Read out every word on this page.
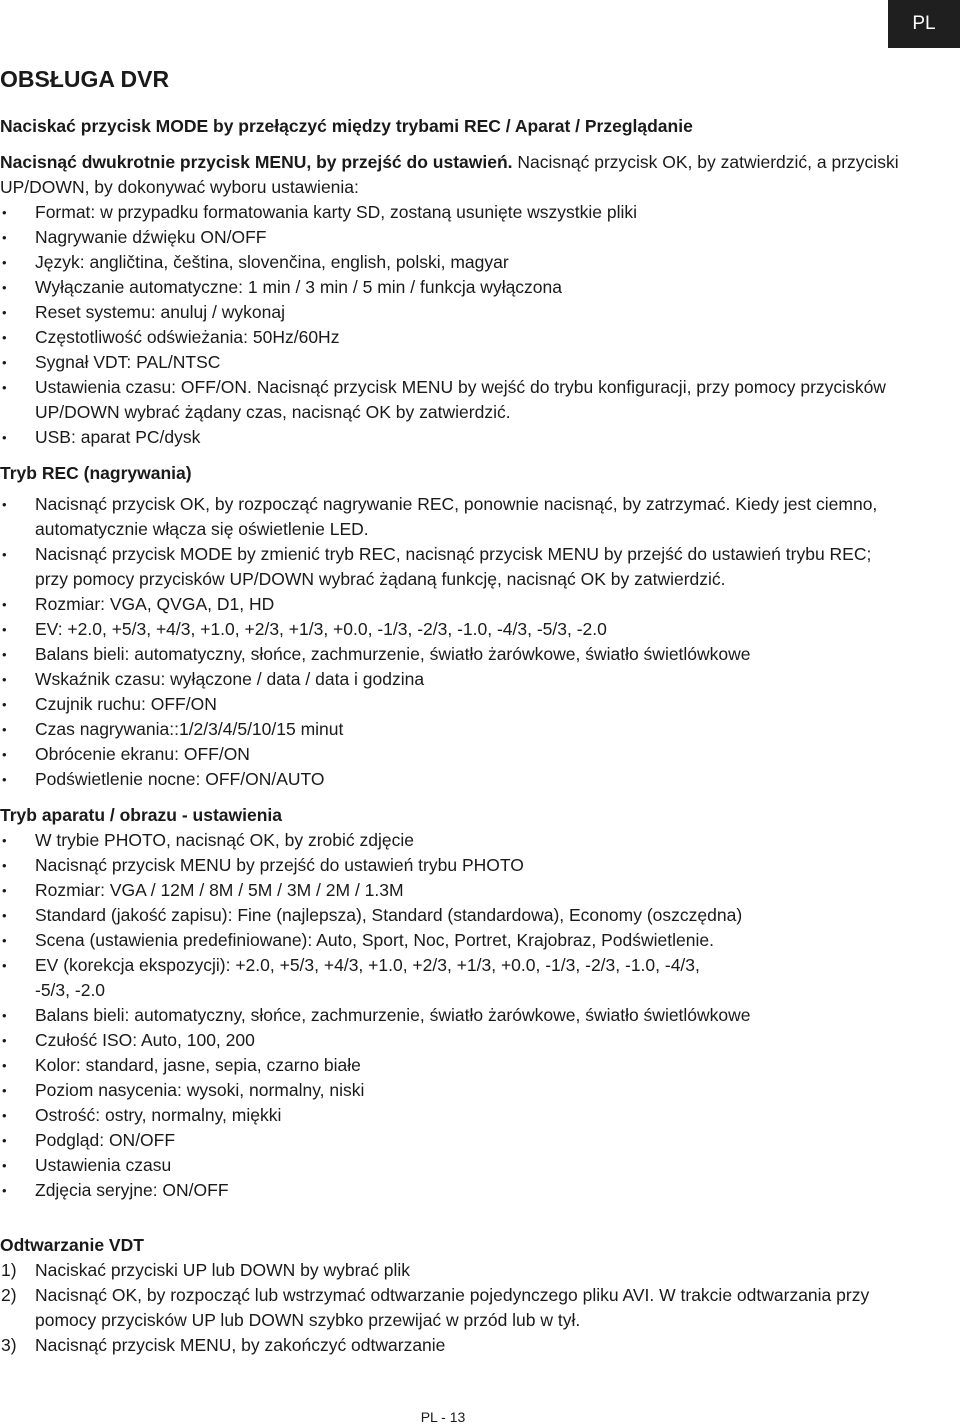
PL
OBSŁUGA DVR

Naciskać przycisk MODE by przełączyć między trybami REC / Aparat / Przeglądanie

Nacisnąć dwukrotnie przycisk MENU, by przejść do ustawień. Nacisnąć przycisk OK, by zatwierdzić, a przyciski UP/DOWN, by dokonywać wyboru ustawienia:

• Format: w przypadku formatowania karty SD, zostaną usunięte wszystkie pliki
• Nagrywanie dźwięku ON/OFF
• Język: angličtina, čeština, slovenčina, english, polski, magyar
• Wyłączanie automatyczne: 1 min / 3 min / 5 min / funkcja wyłączona
• Reset systemu: anuluj / wykonaj
• Częstotliwość odświeżania: 50Hz/60Hz
• Sygnał VDT: PAL/NTSC
• Ustawienia czasu: OFF/ON. Nacisnąć przycisk MENU by wejść do trybu konfiguracji, przy pomocy przycisków UP/DOWN wybrać żądany czas, nacisnąć OK by zatwierdzić.
• USB: aparat PC/dysk

Tryb REC (nagrywania)

• Nacisnąć przycisk OK, by rozpocząć nagrywanie REC, ponownie nacisnąć, by zatrzymać. Kiedy jest ciemno, automatycznie włącza się oświetlenie LED.
• Nacisnąć przycisk MODE by zmienić tryb REC, nacisnąć przycisk MENU by przejść do ustawień trybu REC; przy pomocy przycisków UP/DOWN wybrać żądaną funkcję, nacisnąć OK by zatwierdzić.
• Rozmiar: VGA, QVGA, D1, HD
• EV: +2.0, +5/3, +4/3, +1.0, +2/3, +1/3, +0.0, -1/3, -2/3, -1.0, -4/3, -5/3, -2.0
• Balans bieli: automatyczny, słońce, zachmurzenie, światło żarówkowe, światło świetlówkowe
• Wskaźnik czasu: wyłączone / data / data i godzina
• Czujnik ruchu: OFF/ON
• Czas nagrywania::1/2/3/4/5/10/15 minut
• Obrócenie ekranu: OFF/ON
• Podświetlenie nocne: OFF/ON/AUTO

Tryb aparatu / obrazu - ustawienia

• W trybie PHOTO, nacisnąć OK, by zrobić zdjęcie
• Nacisnąć przycisk MENU by przejść do ustawień trybu PHOTO
• Rozmiar: VGA / 12M / 8M / 5M / 3M / 2M / 1.3M
• Standard (jakość zapisu): Fine (najlepsza), Standard (standardowa), Economy (oszczędna)
• Scena (ustawienia predefiniowane): Auto, Sport, Noc, Portret, Krajobraz, Podświetlenie.
• EV (korekcja ekspozycji): +2.0, +5/3, +4/3, +1.0, +2/3, +1/3, +0.0, -1/3, -2/3, -1.0, -4/3, -5/3, -2.0
• Balans bieli: automatyczny, słońce, zachmurzenie, światło żarówkowe, światło świetlówkowe
• Czułość ISO: Auto, 100, 200
• Kolor: standard, jasne, sepia, czarno białe
• Poziom nasycenia: wysoki, normalny, niski
• Ostrość: ostry, normalny, miękki
• Podgląd: ON/OFF
• Ustawienia czasu
• Zdjęcia seryjne: ON/OFF

Odtwarzanie VDT

1) Naciskać przyciski UP lub DOWN by wybrać plik
2) Nacisnąć OK, by rozpocząć lub wstrzymać odtwarzanie pojedynczego pliku AVI. W trakcie odtwarzania przy pomocy przycisków UP lub DOWN szybko przewijać w przód lub w tył.
3) Nacisnąć przycisk MENU, by zakończyć odtwarzanie
PL - 13
